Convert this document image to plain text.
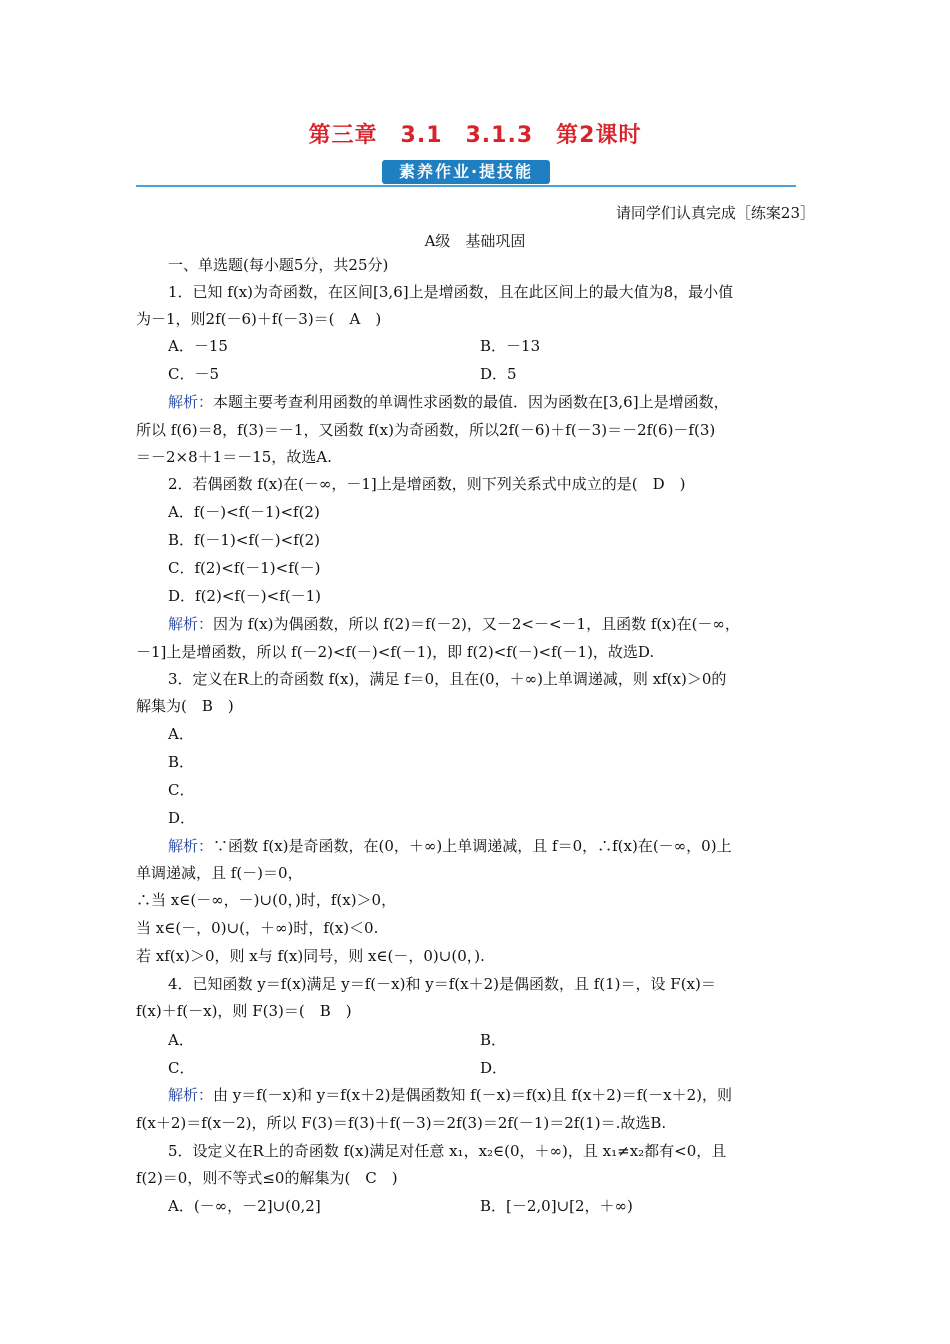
第三章　3.1　3.1.3　第2课时
素养作业·提技能
请同学们认真完成［练案23］
A级　基础巩固
一、单选题(每小题5分，共25分)
1．已知 f(x)为奇函数，在区间[3,6]上是增函数，且在此区间上的最大值为8，最小值
为－1，则2f(－6)＋f(－3)＝(　A　)
A．－15	B．－13
C．－5	D．5
解析：本题主要考查利用函数的单调性求函数的最值．因为函数在[3,6]上是增函数，
所以 f(6)＝8，f(3)＝－1，又函数 f(x)为奇函数，所以2f(－6)＋f(－3)＝－2f(6)－f(3)
＝－2×8＋1＝－15，故选A.
2．若偶函数 f(x)在(－∞，－1]上是增函数，则下列关系式中成立的是(　D　)
A．f(－)<f(－1)<f(2)
B．f(－1)<f(－)<f(2)
C．f(2)<f(－1)<f(－)
D．f(2)<f(－)<f(－1)
解析：因为 f(x)为偶函数，所以 f(2)＝f(－2)，又－2<－<－1，且函数 f(x)在(－∞，
－1]上是增函数，所以 f(－2)<f(－)<f(－1)，即 f(2)<f(－)<f(－1)，故选D.
3．定义在R上的奇函数 f(x)，满足 f＝0，且在(0，＋∞)上单调递减，则 xf(x)＞0的
解集为(　B　)
A．
B．
C．
D．
解析：∵函数 f(x)是奇函数，在(0，＋∞)上单调递减，且 f＝0，∴f(x)在(－∞，0)上
单调递减，且 f(－)＝0，
∴当 x∈(－∞，－)∪(0，)时，f(x)＞0，
当 x∈(－，0)∪(，＋∞)时，f(x)＜0.
若 xf(x)＞0，则 x与 f(x)同号，则 x∈(－，0)∪(0，).
4．已知函数 y＝f(x)满足 y＝f(－x)和 y＝f(x＋2)是偶函数，且 f(1)＝，设 F(x)＝
f(x)＋f(－x)，则 F(3)＝(　B　)
A．	B．
C．	D．
解析：由 y＝f(－x)和 y＝f(x＋2)是偶函数知 f(－x)＝f(x)且 f(x＋2)＝f(－x＋2)，则
f(x＋2)＝f(x－2)，所以 F(3)＝f(3)＋f(－3)＝2f(3)＝2f(－1)＝2f(1)＝.故选B.
5．设定义在R上的奇函数 f(x)满足对任意 x₁，x₂∈(0，＋∞)，且 x₁≠x₂都有<0，且
f(2)＝0，则不等式≤0的解集为(　C　)
A．(－∞，－2]∪(0,2]	B．[－2,0]∪[2，＋∞)
